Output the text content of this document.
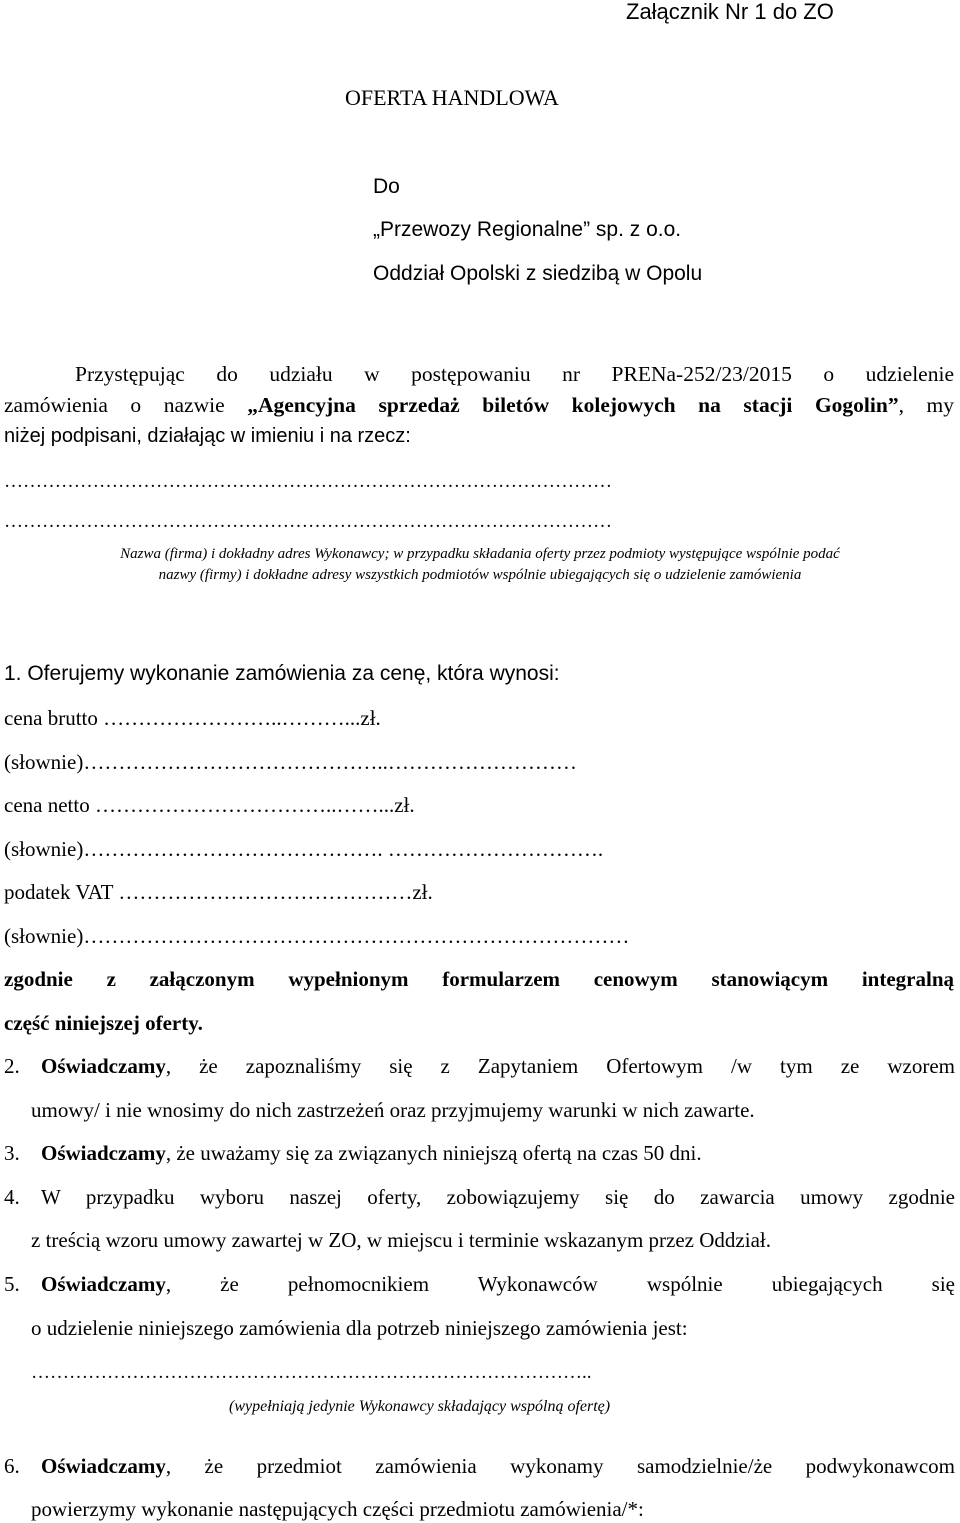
Załącznik Nr 1 do ZO
OFERTA HANDLOWA
Do
„Przewozy Regionalne” sp. z o.o.
Oddział Opolski z siedzibą w Opolu
Przystępując do udziału w postępowaniu nr PRENa-252/23/2015 o udzielenie
zamówienia o nazwie „Agencyjna sprzedaż biletów kolejowych na stacji Gogolin”, my
niżej podpisani, działając w imieniu i na rzecz:
……………………………………………………………………………………
……………………………………………………………………………………
Nazwa (firma) i dokładny adres Wykonawcy; w przypadku składania oferty przez podmioty występujące wspólnie podać
nazwy (firmy) i dokładne adresy wszystkich podmiotów wspólnie ubiegających się o udzielenie zamówienia
1. Oferujemy wykonanie zamówienia za cenę, która wynosi:
cena brutto ……………………..………...zł.
(słownie)……………………………………..………………………
cena netto ……………………………..……...zł.
(słownie)……………………………………. ………………………….
podatek VAT ……………………………………zł.
(słownie)……………………………………………………………………
zgodnie z załączonym wypełnionym formularzem cenowym stanowiącym integralną
część niniejszej oferty.
2. Oświadczamy, że zapoznaliśmy się z Zapytaniem Ofertowym /w tym ze wzorem
umowy/ i nie wnosimy do nich zastrzeżeń oraz przyjmujemy warunki w nich zawarte.
3. Oświadczamy, że uważamy się za związanych niniejszą ofertą na czas 50 dni.
4. W przypadku wyboru naszej oferty, zobowiązujemy się do zawarcia umowy zgodnie
z treścią wzoru umowy zawartej w ZO, w miejscu i terminie wskazanym przez Oddział.
5. Oświadczamy, że pełnomocnikiem Wykonawców wspólnie ubiegających się
o udzielenie niniejszego zamówienia dla potrzeb niniejszego zamówienia jest:
……………………………………………………………………………..
(wypełniają jedynie Wykonawcy składający wspólną ofertę)
6. Oświadczamy, że przedmiot zamówienia wykonamy samodzielnie/że podwykonawcom
powierzymy wykonanie następujących części przedmiotu zamówienia/*:
